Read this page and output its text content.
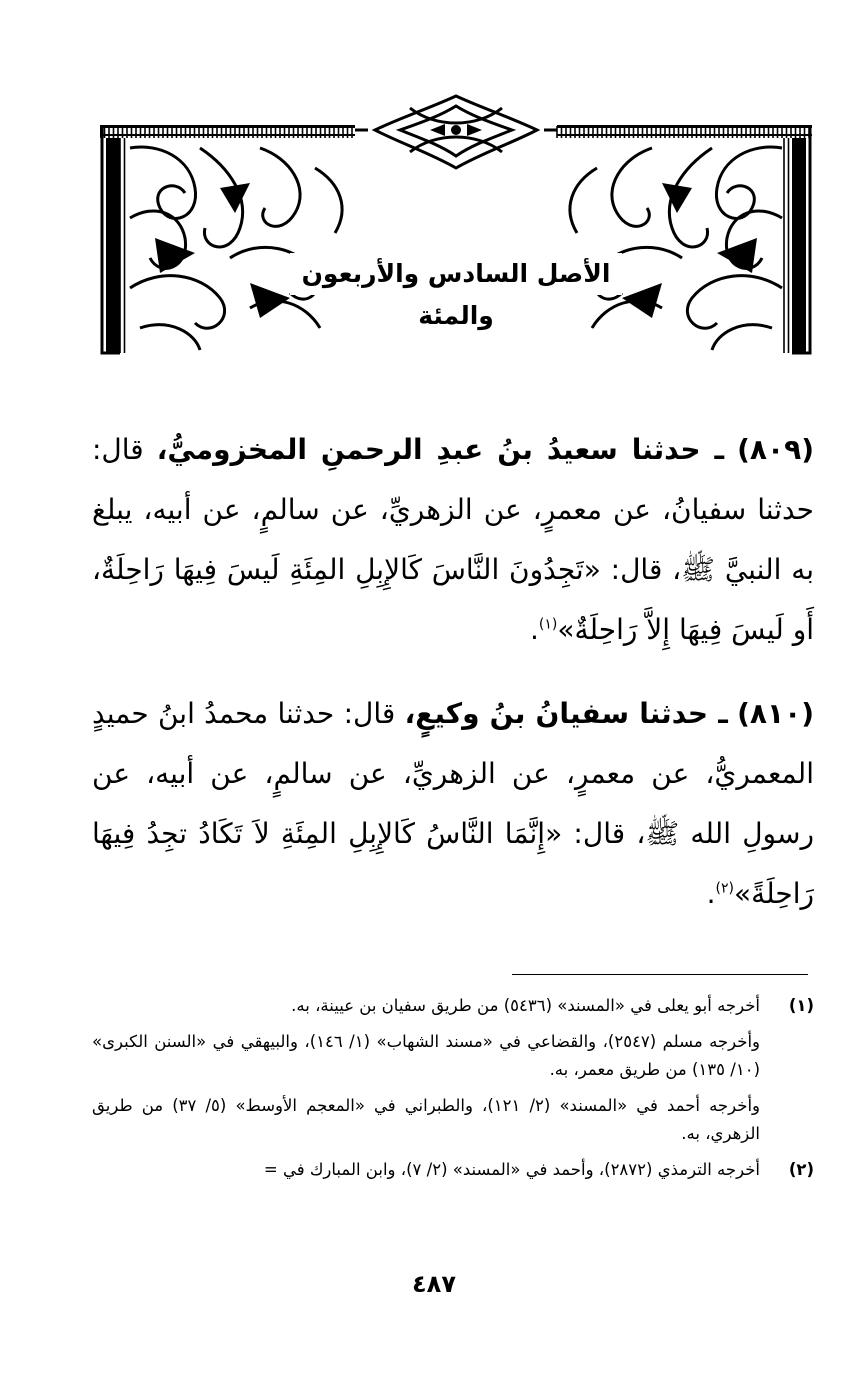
الأصل السادس والأربعون والمئة

(٨٠٩) ـ حدثنا سعيدُ بنُ عبدِ الرحمنِ المخزوميُّ، قال: حدثنا سفيانُ، عن معمرٍ، عن الزهريِّ، عن سالمٍ، عن أبيه، يبلغ به النبيَّ ﷺ، قال: «تَجِدُونَ النَّاسَ كَالإِبِلِ المِئَةِ لَيسَ فِيهَا رَاحِلَةٌ، أَو لَيسَ فِيهَا إِلاَّ رَاحِلَةٌ»$^{(١)}$.

(٨١٠) ـ حدثنا سفيانُ بنُ وكيعٍ، قال: حدثنا محمدُ ابنُ حميدٍ المعمريُّ، عن معمرٍ، عن الزهريِّ، عن سالمٍ، عن أبيه، عن رسولِ الله ﷺ، قال: «إِنَّمَا النَّاسُ كَالإِبِلِ المِئَةِ لاَ تَكَادُ تجِدُ فِيهَا رَاحِلَةً»$^{(٢)}$.

(١)

أخرجه أبو يعلى في «المسند» (٥٤٣٦) من طريق سفيان بن عيينة، به.

وأخرجه مسلم (٢٥٤٧)، والقضاعي في «مسند الشهاب» (١/ ١٤٦)، والبيهقي في «السنن الكبرى» (١٠/ ١٣٥) من طريق معمر، به.

وأخرجه أحمد في «المسند» (٢/ ١٢١)، والطبراني في «المعجم الأوسط» (٥/ ٣٧) من طريق الزهري، به.

(٢)

أخرجه الترمذي (٢٨٧٢)، وأحمد في «المسند» (٢/ ٧)، وابن المبارك في =

٤٨٧
